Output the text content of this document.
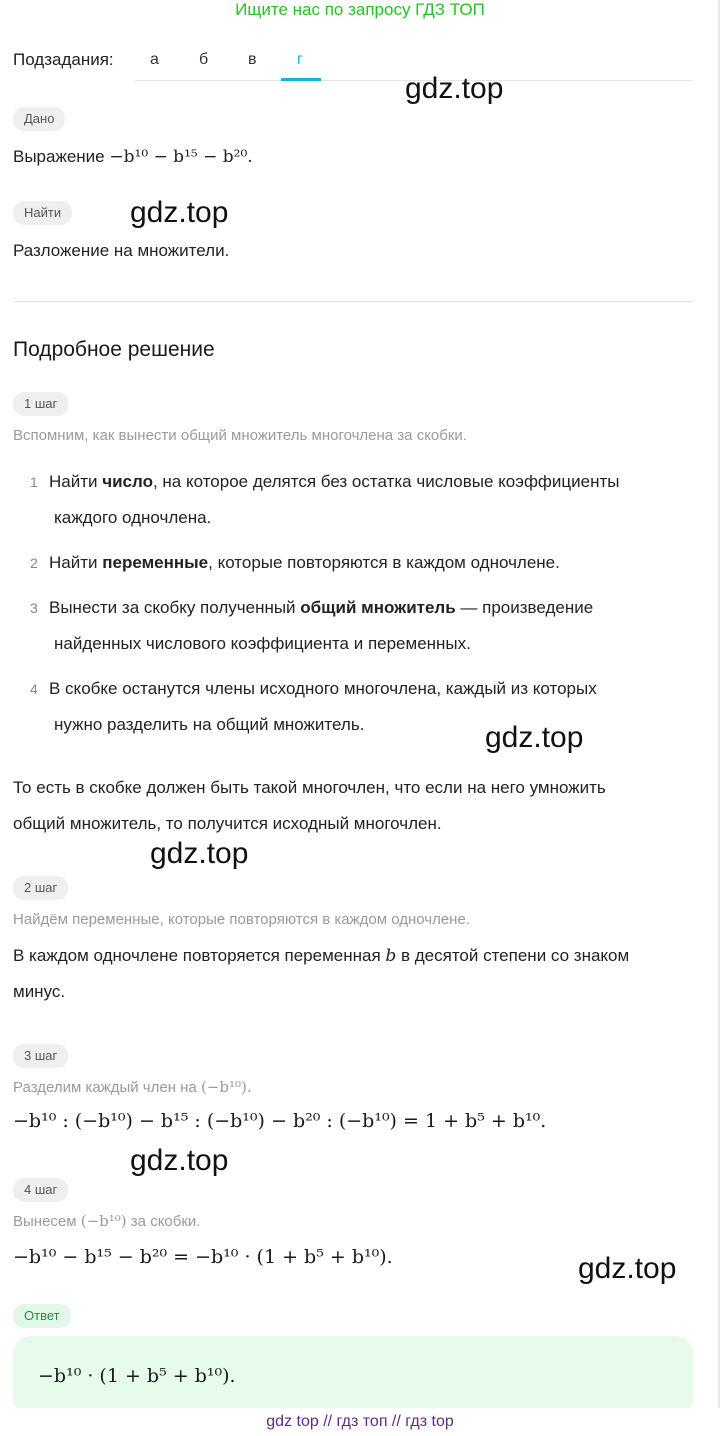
Ищите нас по запросу ГДЗ ТОП
Подзадания: а	б в	г
gdz.top
Дано
Выражение −b¹⁰ − b¹⁵ − b²⁰.
Найти	gdz.top
Разложение на множители.
Подробное решение
1 шаг
Вспомним, как вынести общий множитель многочлена за скобки.
1 Найти число, на которое делятся без остатка числовые коэффициенты
каждого одночлена.
2 Найти переменные, которые повторяются в каждом одночлене.
3 Вынести за скобку полученный общий множитель — произведение
найденных числового коэффициента и переменных.
4 В скобке останутся члены исходного многочлена, каждый из которых
нужно разделить на общий множитель.	gdz.top
То есть в скобке должен быть такой многочлен, что если на него умножить
общий множитель, то получится исходный многочлен.
gdz.top
2 шаг
Найдём переменные, которые повторяются в каждом одночлене.
В каждом одночлене повторяется переменная b в десятой степени со знаком
минус.
3 шаг
Разделим каждый член на (−b¹⁰).
−b¹⁰ : (−b¹⁰) − b¹⁵ : (−b¹⁰) − b²⁰ : (−b¹⁰) = 1 + b⁵ + b¹⁰.
gdz.top
4 шаг
Вынесем (−b¹⁰) за скобки.
−b¹⁰ − b¹⁵ − b²⁰ = −b¹⁰ · (1 + b⁵ + b¹⁰).	gdz.top
Ответ
−b¹⁰ · (1 + b⁵ + b¹⁰).
gdz top // гдз топ // гдз top
